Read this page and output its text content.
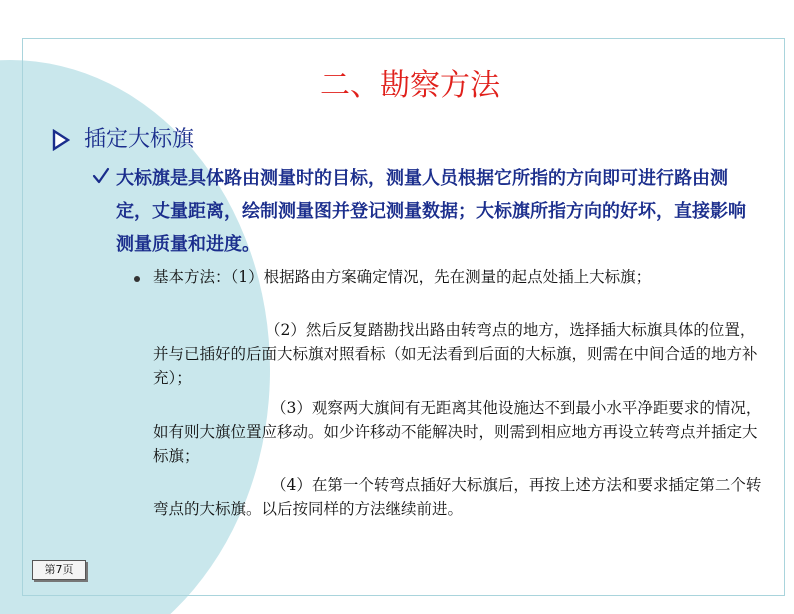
二、勘察方法
插定大标旗

大标旗是具体路由测量时的目标，测量人员根据它所指的方向即可进行路由测定，丈量距离，绘制测量图并登记测量数据；大标旗所指方向的好坏，直接影响测量质量和进度。

基本方法：（1）根据路由方案确定情况，先在测量的起点处插上大标旗；

（2）然后反复踏勘找出路由转弯点的地方，选择插大标旗具体的位置，并与已插好的后面大标旗对照看标（如无法看到后面的大标旗，则需在中间合适的地方补充）；

（3）观察两大旗间有无距离其他设施达不到最小水平净距要求的情况，如有则大旗位置应移动。如少许移动不能解决时，则需到相应地方再设立转弯点并插定大标旗；

（4）在第一个转弯点插好大标旗后，再按上述方法和要求插定第二个转弯点的大标旗。以后按同样的方法继续前进。

第7页
